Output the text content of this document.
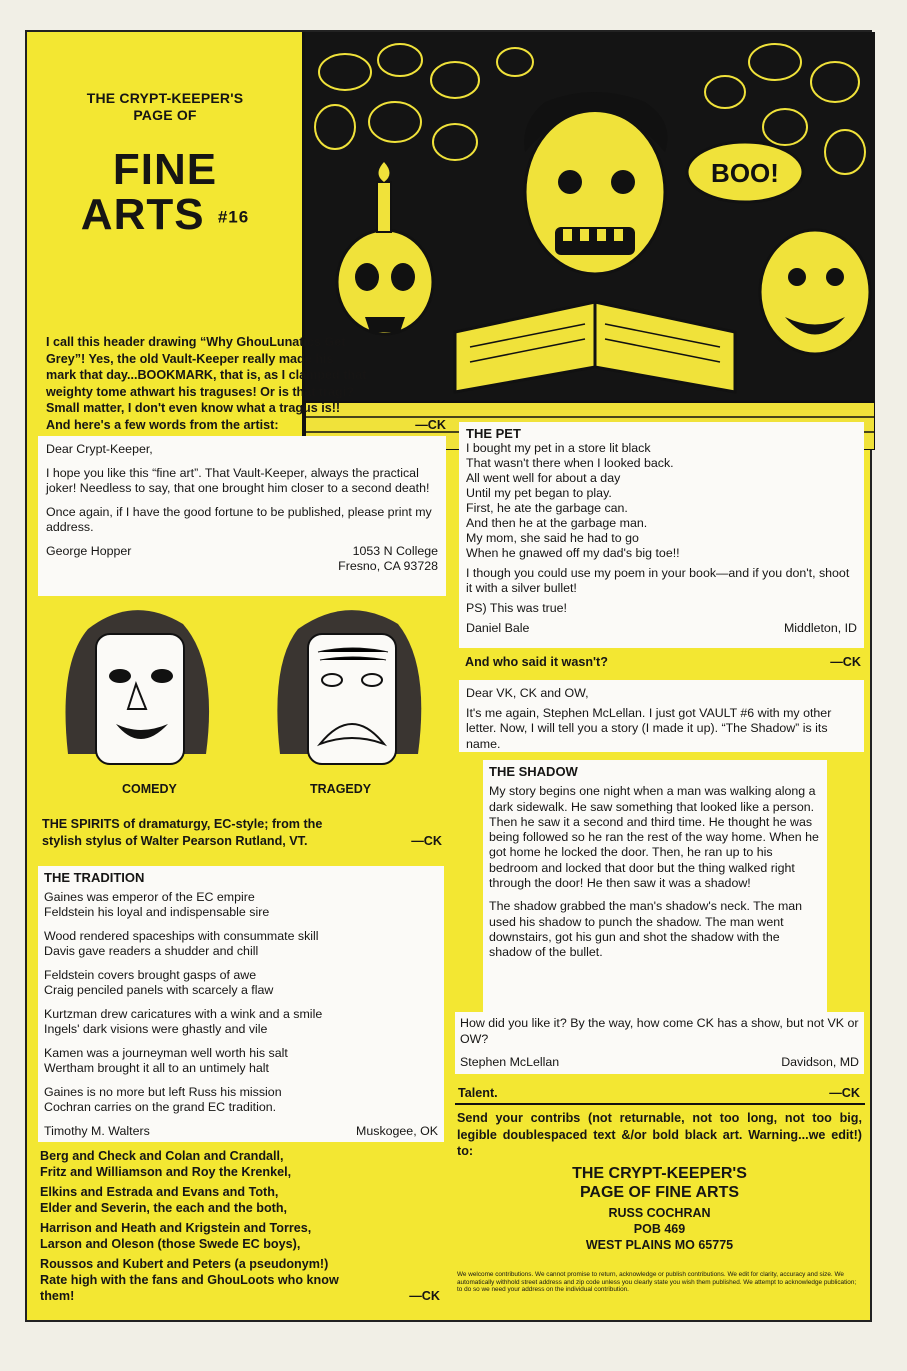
BOO!
THE CRYPT-KEEPER'S
PAGE OF
FINE
ARTS #16
I call this header drawing “Why GhouLunatics Get
Grey”! Yes, the old Vault-Keeper really made his
mark that day...BOOKMARK, that is, as I clamped that
weighty tome athwart his traguses! Or is that tragi?
Small matter, I don't even know what a tragus is!!
And here's a few words from the artist:	—CK

Dear Crypt-Keeper,

I hope you like this “fine art”. That Vault-Keeper, always the practical joker! Needless to say, that one brought him closer to a second death!

Once again, if I have the good fortune to be published, please print my address.

George Hopper	1053 N College
Fresno, CA 93728
COMEDY	TRAGEDY
THE SPIRITS of dramaturgy, EC-style; from the
stylish stylus of Walter Pearson Rutland, VT.	—CK
THE TRADITION

Gaines was emperor of the EC empire
Feldstein his loyal and indispensable sire

Wood rendered spaceships with consummate skill
Davis gave readers a shudder and chill

Feldstein covers brought gasps of awe
Craig penciled panels with scarcely a flaw

Kurtzman drew caricatures with a wink and a smile
Ingels' dark visions were ghastly and vile

Kamen was a journeyman well worth his salt
Wertham brought it all to an untimely halt

Gaines is no more but left Russ his mission
Cochran carries on the grand EC tradition.

Timothy M. Walters	Muskogee, OK
Berg and Check and Colan and Crandall,
Fritz and Williamson and Roy the Krenkel,
Elkins and Estrada and Evans and Toth,
Elder and Severin, the each and the both,
Harrison and Heath and Krigstein and Torres,
Larson and Oleson (those Swede EC boys),
Roussos and Kubert and Peters (a pseudonym!)
Rate high with the fans and GhouLoots who know
them!	—CK
THE PET
I bought my pet in a store lit black
That wasn't there when I looked back.
All went well for about a day
Until my pet began to play.
First, he ate the garbage can.
And then he at the garbage man.
My mom, she said he had to go
When he gnawed off my dad's big toe!!

I though you could use my poem in your book—and if you don't, shoot it with a silver bullet!

PS) This was true!

Daniel Bale	Middleton, ID
And who said it wasn't?	—CK

Dear VK, CK and OW,

It's me again, Stephen McLellan. I just got VAULT #6 with my other letter. Now, I will tell you a story (I made it up). “The Shadow” is its name.

THE SHADOW

My story begins one night when a man was walking along a dark sidewalk. He saw something that looked like a person. Then he saw it a second and third time. He thought he was being followed so he ran the rest of the way home. When he got home he locked the door. Then, he ran up to his bedroom and locked that door but the thing walked right through the door! He then saw it was a shadow!

The shadow grabbed the man's shadow's neck. The man used his shadow to punch the shadow. The man went downstairs, got his gun and shot the shadow with the shadow of the bullet.

How did you like it? By the way, how come CK has a show, but not VK or OW?

Stephen McLellan	Davidson, MD
Talent.	—CK
Send your contribs (not returnable, not too long, not too big, legible doublespaced text &/or bold black art. Warning...we edit!) to:
THE CRYPT-KEEPER'S
PAGE OF FINE ARTS
RUSS COCHRAN
POB 469
WEST PLAINS MO 65775
We welcome contributions. We cannot promise to return, acknowledge or publish contributions. We edit for clarity, accuracy and size. We automatically withhold street address and zip code unless you clearly state you wish them published. We attempt to acknowledge publication; to do so we need your address on the individual contribution.
